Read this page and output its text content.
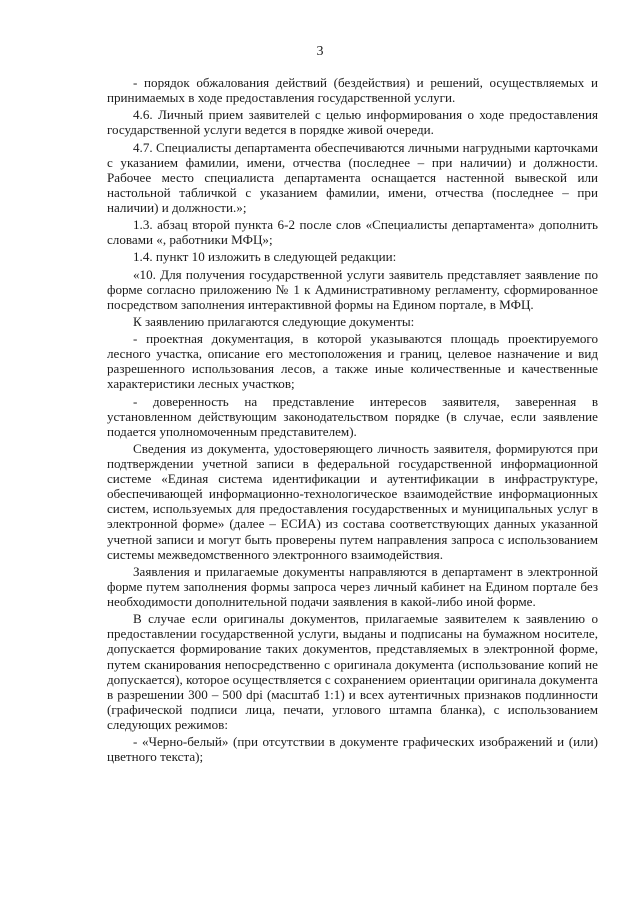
3

- порядок обжалования действий (бездействия) и решений, осуществляемых и принимаемых в ходе предоставления государственной услуги.

4.6. Личный прием заявителей с целью информирования о ходе предоставления государственной услуги ведется в порядке живой очереди.

4.7. Специалисты департамента обеспечиваются личными нагрудными карточками с указанием фамилии, имени, отчества (последнее – при наличии) и должности. Рабочее место специалиста департамента оснащается настенной вывеской или настольной табличкой с указанием фамилии, имени, отчества (последнее – при наличии) и должности.»;

1.3. абзац второй пункта 6-2 после слов «Специалисты департамента» дополнить словами «, работники МФЦ»;

1.4. пункт 10 изложить в следующей редакции:

«10. Для получения государственной услуги заявитель представляет заявление по форме согласно приложению № 1 к Административному регламенту, сформированное посредством заполнения интерактивной формы на Едином портале, в МФЦ.

К заявлению прилагаются следующие документы:

- проектная документация, в которой указываются площадь проектируемого лесного участка, описание его местоположения и границ, целевое назначение и вид разрешенного использования лесов, а также иные количественные и качественные характеристики лесных участков;

- доверенность на представление интересов заявителя, заверенная в установленном действующим законодательством порядке (в случае, если заявление подается уполномоченным представителем).

Сведения из документа, удостоверяющего личность заявителя, формируются при подтверждении учетной записи в федеральной государственной информационной системе «Единая система идентификации и аутентификации в инфраструктуре, обеспечивающей информационно-технологическое взаимодействие информационных систем, используемых для предоставления государственных и муниципальных услуг в электронной форме» (далее – ЕСИА) из состава соответствующих данных указанной учетной записи и могут быть проверены путем направления запроса с использованием системы межведомственного электронного взаимодействия.

Заявления и прилагаемые документы направляются в департамент в электронной форме путем заполнения формы запроса через личный кабинет на Едином портале без необходимости дополнительной подачи заявления в какой-либо иной форме.

В случае если оригиналы документов, прилагаемые заявителем к заявлению о предоставлении государственной услуги, выданы и подписаны на бумажном носителе, допускается формирование таких документов, представляемых в электронной форме, путем сканирования непосредственно с оригинала документа (использование копий не допускается), которое осуществляется с сохранением ориентации оригинала документа в разрешении 300 – 500 dpi (масштаб 1:1) и всех аутентичных признаков подлинности (графической подписи лица, печати, углового штампа бланка), с использованием следующих режимов:

- «Черно-белый» (при отсутствии в документе графических изображений и (или) цветного текста);
